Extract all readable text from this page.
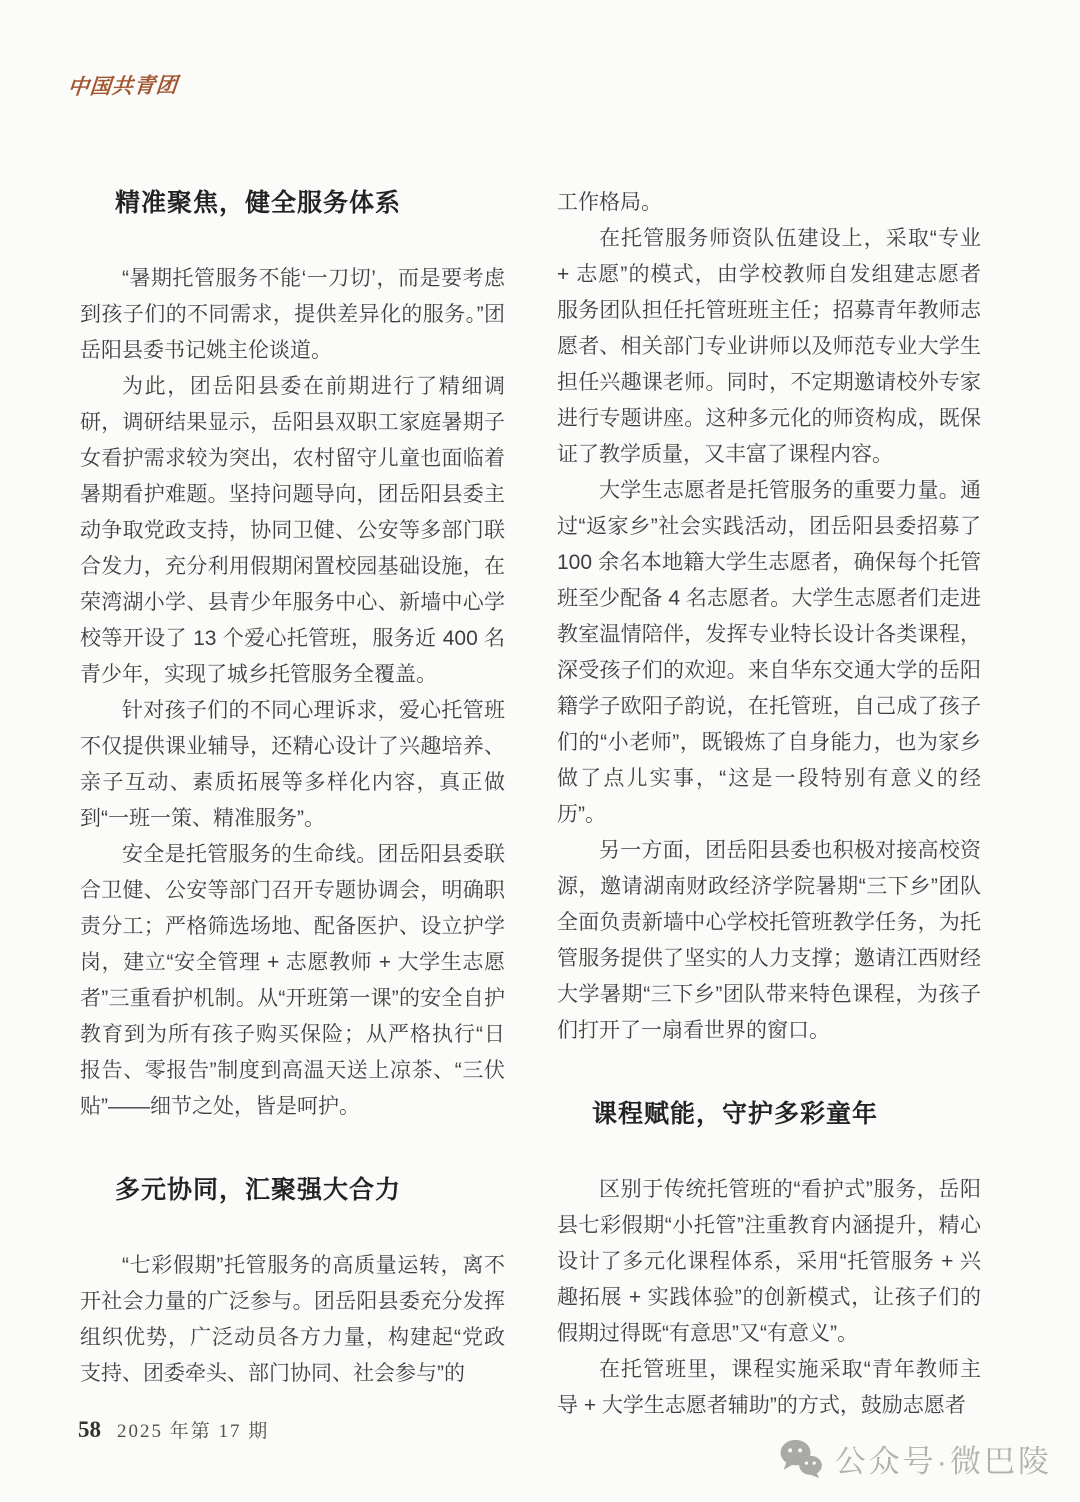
中国共青团
精准聚焦，健全服务体系
“暑期托管服务不能‘一刀切’，而是要考虑到孩子们的不同需求，提供差异化的服务。”团岳阳县委书记姚主伦谈道。
为此，团岳阳县委在前期进行了精细调研，调研结果显示，岳阳县双职工家庭暑期子女看护需求较为突出，农村留守儿童也面临着暑期看护难题。坚持问题导向，团岳阳县委主动争取党政支持，协同卫健、公安等多部门联合发力，充分利用假期闲置校园基础设施，在荣湾湖小学、县青少年服务中心、新墙中心学校等开设了 13 个爱心托管班，服务近 400 名青少年，实现了城乡托管服务全覆盖。
针对孩子们的不同心理诉求，爱心托管班不仅提供课业辅导，还精心设计了兴趣培养、亲子互动、素质拓展等多样化内容，真正做到“一班一策、精准服务”。
安全是托管服务的生命线。团岳阳县委联合卫健、公安等部门召开专题协调会，明确职责分工；严格筛选场地、配备医护、设立护学岗，建立“安全管理 + 志愿教师 + 大学生志愿者”三重看护机制。从“开班第一课”的安全自护教育到为所有孩子购买保险；从严格执行“日报告、零报告”制度到高温天送上凉茶、“三伏贴”——细节之处，皆是呵护。
多元协同，汇聚强大合力
“七彩假期”托管服务的高质量运转，离不开社会力量的广泛参与。团岳阳县委充分发挥组织优势，广泛动员各方力量，构建起“党政支持、团委牵头、部门协同、社会参与”的
工作格局。
在托管服务师资队伍建设上，采取“专业 + 志愿”的模式，由学校教师自发组建志愿者服务团队担任托管班班主任；招募青年教师志愿者、相关部门专业讲师以及师范专业大学生担任兴趣课老师。同时，不定期邀请校外专家进行专题讲座。这种多元化的师资构成，既保证了教学质量，又丰富了课程内容。
大学生志愿者是托管服务的重要力量。通过“返家乡”社会实践活动，团岳阳县委招募了 100 余名本地籍大学生志愿者，确保每个托管班至少配备 4 名志愿者。大学生志愿者们走进教室温情陪伴，发挥专业特长设计各类课程，深受孩子们的欢迎。来自华东交通大学的岳阳籍学子欧阳子韵说，在托管班，自己成了孩子们的“小老师”，既锻炼了自身能力，也为家乡做了点儿实事，“这是一段特别有意义的经历”。
另一方面，团岳阳县委也积极对接高校资源，邀请湖南财政经济学院暑期“三下乡”团队全面负责新墙中心学校托管班教学任务，为托管服务提供了坚实的人力支撑；邀请江西财经大学暑期“三下乡”团队带来特色课程，为孩子们打开了一扇看世界的窗口。
课程赋能，守护多彩童年
区别于传统托管班的“看护式”服务，岳阳县七彩假期“小托管”注重教育内涵提升，精心设计了多元化课程体系，采用“托管服务 + 兴趣拓展 + 实践体验”的创新模式，让孩子们的假期过得既“有意思”又“有意义”。
在托管班里，课程实施采取“青年教师主导 + 大学生志愿者辅助”的方式，鼓励志愿者
58 2025 年第 17 期
公众号·微巴陵
